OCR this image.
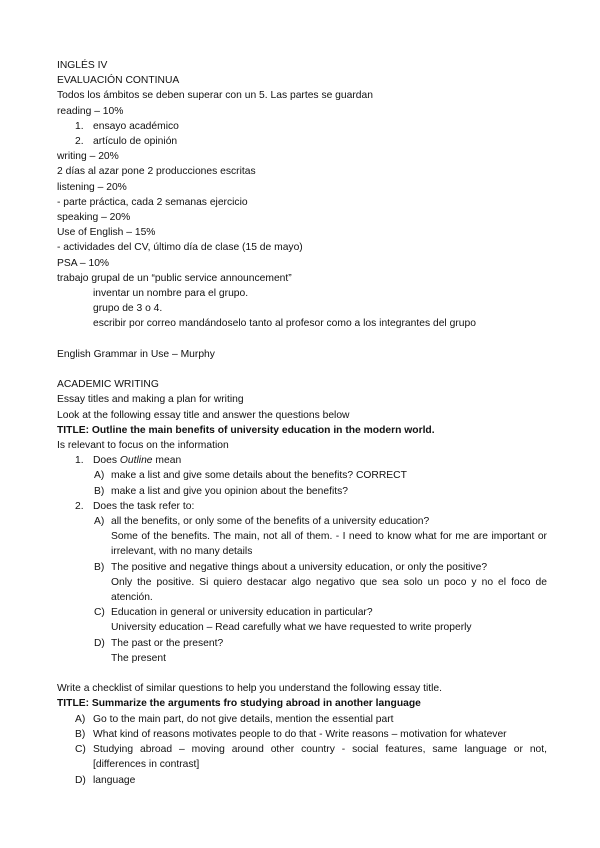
INGLÉS IV
EVALUACIÓN CONTINUA
Todos los ámbitos se deben superar con un 5. Las partes se guardan
reading – 10%
1. ensayo académico
2. artículo de opinión
writing – 20%
2 días al azar pone 2 producciones escritas
listening – 20%
- parte práctica, cada 2 semanas ejercicio
speaking – 20%
Use of English – 15%
- actividades del CV, último día de clase (15 de mayo)
PSA – 10%
trabajo grupal de un “public service announcement”
inventar un nombre para el grupo.
grupo de 3 o 4.
escribir por correo mandándoselo tanto al profesor como a los integrantes del grupo
English Grammar in Use – Murphy
ACADEMIC WRITING
Essay titles and making a plan for writing
Look at the following essay title and answer the questions below
TITLE: Outline the main benefits of university education in the modern world.
Is relevant to focus on the information
1. Does Outline mean
A) make a list and give some details about the benefits? CORRECT
B) make a list and give you opinion about the benefits?
2. Does the task refer to:
A) all the benefits, or only some of the benefits of a university education?
Some of the benefits. The main, not all of them. - I need to know what for me are important or irrelevant, with no many details
B) The positive and negative things about a university education, or only the positive?
Only the positive. Si quiero destacar algo negativo que sea solo un poco y no el foco de atención.
C) Education in general or university education in particular?
University education – Read carefully what we have requested to write properly
D) The past or the present?
The present
Write a checklist of similar questions to help you understand the following essay title.
TITLE: Summarize the arguments fro studying abroad in another language
A) Go to the main part, do not give details, mention the essential part
B) What kind of reasons motivates people to do that - Write reasons – motivation for whatever
C) Studying abroad – moving around other country - social features, same language or not, [differences in contrast]
D) language
